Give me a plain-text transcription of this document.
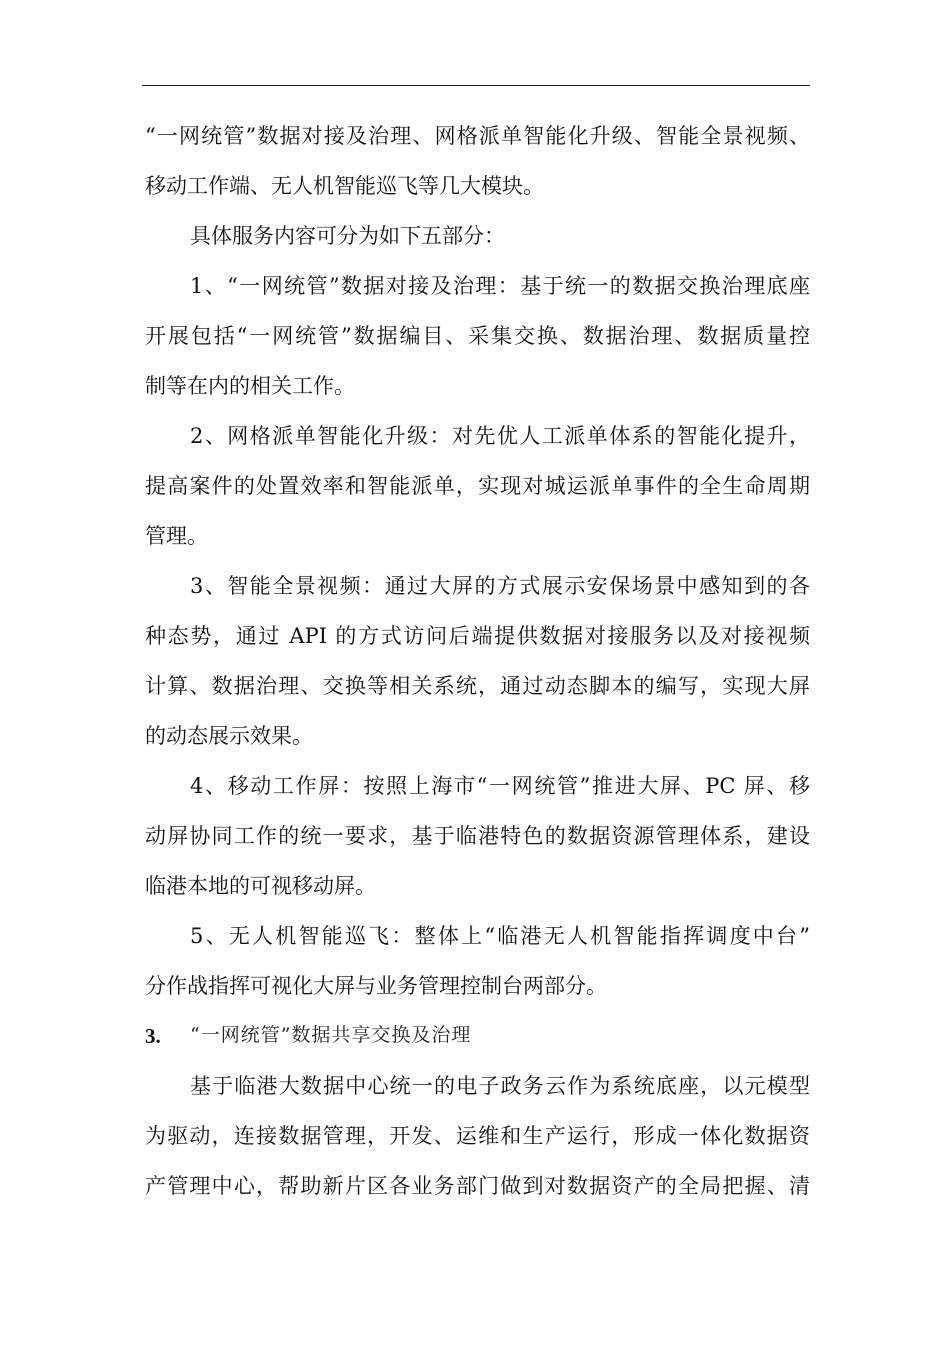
“一网统管”数据对接及治理、网格派单智能化升级、智能全景视频、
移动工作端、无人机智能巡飞等几大模块。
具体服务内容可分为如下五部分：
1、“一网统管”数据对接及治理：基于统一的数据交换治理底座
开展包括“一网统管”数据编目、采集交换、数据治理、数据质量控
制等在内的相关工作。
2、网格派单智能化升级：对先优人工派单体系的智能化提升，
提高案件的处置效率和智能派单，实现对城运派单事件的全生命周期
管理。
3、智能全景视频：通过大屏的方式展示安保场景中感知到的各
种态势，通过 API 的方式访问后端提供数据对接服务以及对接视频
计算、数据治理、交换等相关系统，通过动态脚本的编写，实现大屏
的动态展示效果。
4、移动工作屏：按照上海市“一网统管”推进大屏、PC 屏、移
动屏协同工作的统一要求，基于临港特色的数据资源管理体系，建设
临港本地的可视移动屏。
5、无人机智能巡飞：整体上“临港无人机智能指挥调度中台”
分作战指挥可视化大屏与业务管理控制台两部分。
3. “一网统管”数据共享交换及治理
基于临港大数据中心统一的电子政务云作为系统底座，以元模型
为驱动，连接数据管理，开发、运维和生产运行，形成一体化数据资
产管理中心，帮助新片区各业务部门做到对数据资产的全局把握、清
